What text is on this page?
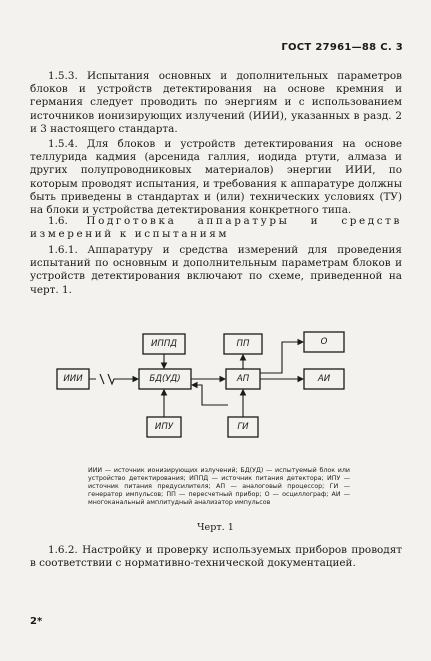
ГОСТ 27961—88 С. 3

1.5.3. Испытания основных и дополнительных параметров блоков и устройств детектирования на основе кремния и германия следует проводить по энергиям и с использованием источников ионизирующих излучений (ИИИ), указанных в разд. 2 и 3 настоящего стандарта.

1.5.4. Для блоков и устройств детектирования на основе теллурида кадмия (арсенида галлия, иодида ртути, алмаза и других полупроводниковых материалов) энергии ИИИ, по которым проводят испытания, и требования к аппаратуре должны быть приведены в стандартах и (или) технических условиях (ТУ) на блоки и устройства детектирования конкретного типа.

1.6. Подготовка аппаратуры и средств измерений к испытаниям

1.6.1. Аппаратуру и средства измерений для проведения испытаний по основным и дополнительным параметрам блоков и устройств детектирования включают по схеме, приведенной на черт. 1.

ИИИ
ИППД
БД(УД)
ИПУ
ПП
АП
ГИ
О
АИ

ИИИ — источник ионизирующих излучений; БД(УД) — испытуемый блок или устройство детектирования; ИППД — источник питания детектора; ИПУ — источник питания предусилителя; АП — аналоговый процессор; ГИ — генератор импульсов; ПП — пересчетный прибор; О — осциллограф; АИ — многоканальный амплитудный анализатор импульсов

Черт. 1

1.6.2. Настройку и проверку используемых приборов проводят в соответствии с нормативно-технической документацией.

2*
